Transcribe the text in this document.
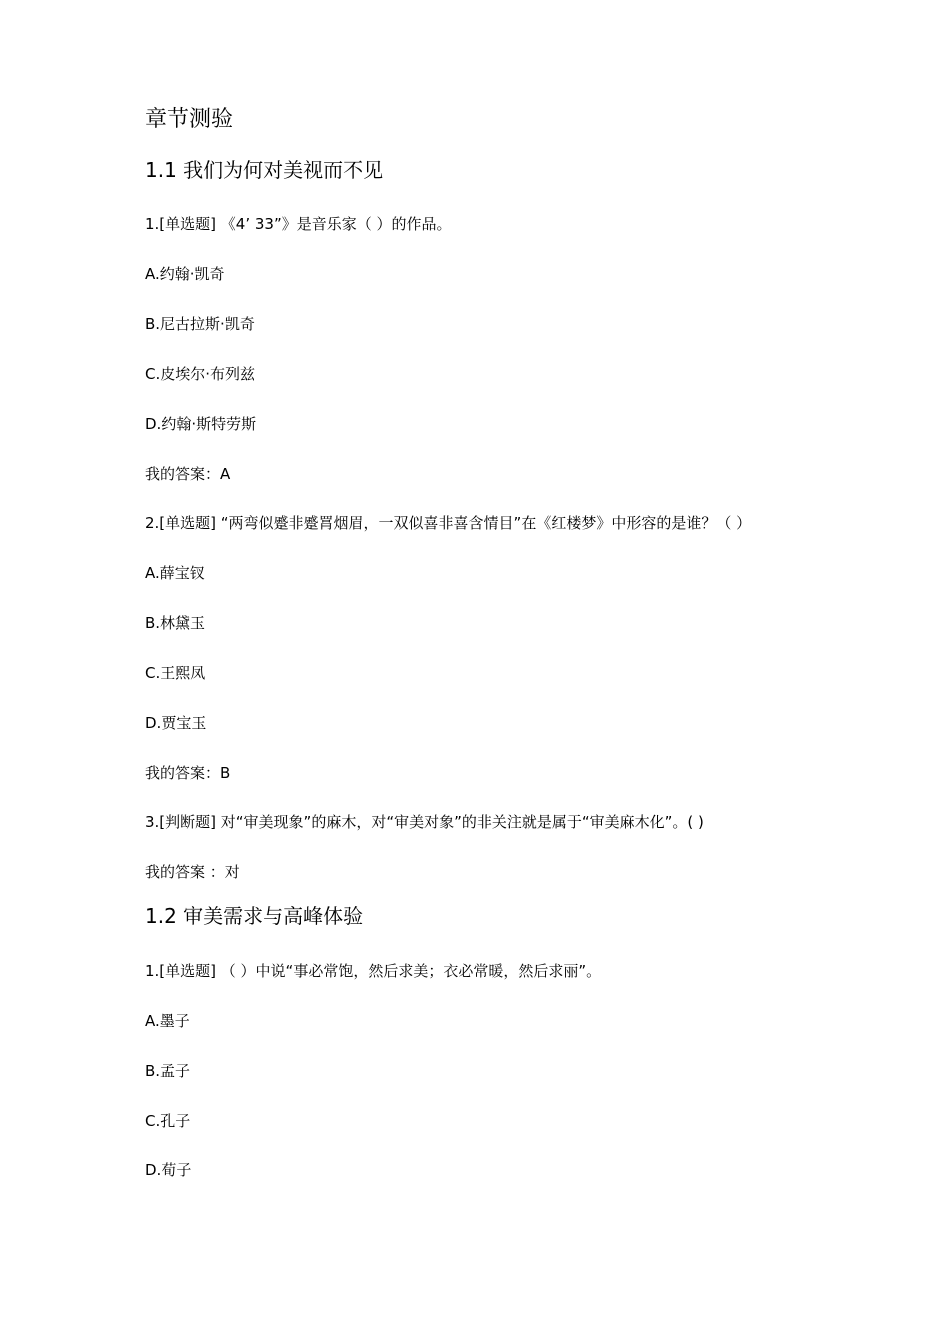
章节测验
1.1 我们为何对美视而不见
1.[单选题] 《4’ 33”》是音乐家（ ）的作品。
A.约翰·凯奇
B.尼古拉斯·凯奇
C.皮埃尔·布列兹
D.约翰·斯特劳斯
我的答案：A
2.[单选题] “两弯似蹙非蹙罥烟眉，一双似喜非喜含情目”在《红楼梦》中形容的是谁？（ ）
A.薛宝钗
B.林黛玉
C.王熙凤
D.贾宝玉
我的答案：B
3.[判断题] 对“审美现象”的麻木，对“审美对象”的非关注就是属于“审美麻木化”。( )
我的答案 ：对
1.2 审美需求与高峰体验
1.[单选题] （ ）中说“事必常饱，然后求美；衣必常暖，然后求丽”。
A.墨子
B.孟子
C.孔子
D.荀子
